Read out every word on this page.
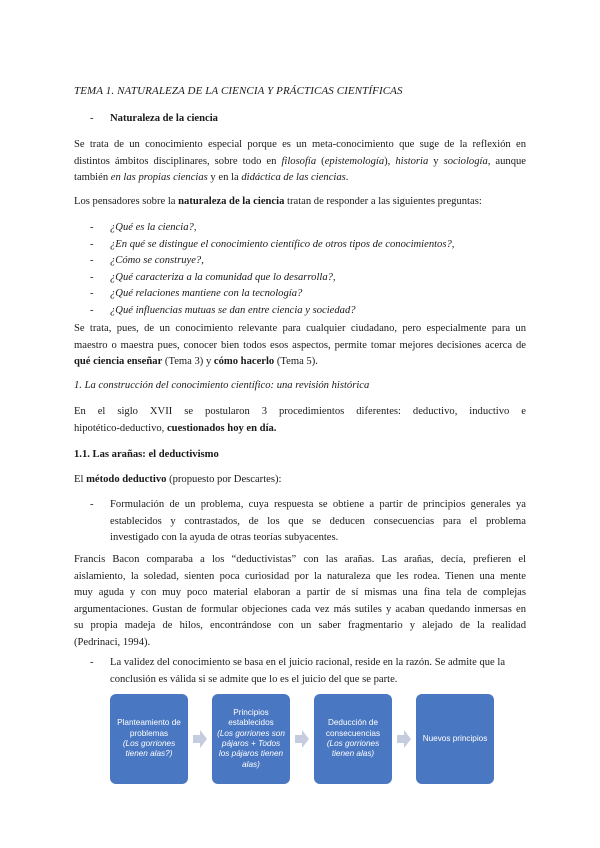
TEMA 1. NATURALEZA DE LA CIENCIA Y PRÁCTICAS CIENTÍFICAS
- Naturaleza de la ciencia
Se trata de un conocimiento especial porque es un meta-conocimiento que suge de la reflexión en
distintos ámbitos disciplinares, sobre todo en filosofía (epistemología), historia y sociología, aunque
también en las propias ciencias y en la didáctica de las ciencias.
Los pensadores sobre la naturaleza de la ciencia tratan de responder a las siguientes preguntas:
- ¿Qué es la ciencia?,
- ¿En qué se distingue el conocimiento científico de otros tipos de conocimientos?,
- ¿Cómo se construye?,
- ¿Qué caracteriza a la comunidad que lo desarrolla?,
- ¿Qué relaciones mantiene con la tecnología?
- ¿Qué influencias mutuas se dan entre ciencia y sociedad?
Se trata, pues, de un conocimiento relevante para cualquier ciudadano, pero especialmente para un
maestro o maestra pues, conocer bien todos esos aspectos, permite tomar mejores decisiones acerca de
qué ciencia enseñar (Tema 3) y cómo hacerlo (Tema 5).
1. La construcción del conocimiento científico: una revisión histórica
En el siglo XVII se postularon 3 procedimientos diferentes: deductivo, inductivo e
hipotético-deductivo, cuestionados hoy en día.
1.1. Las arañas: el deductivismo
El método deductivo (propuesto por Descartes):
- Formulación de un problema, cuya respuesta se obtiene a partir de principios generales ya
establecidos y contrastados, de los que se deducen consecuencias para el problema
investigado con la ayuda de otras teorías subyacentes.
Francis Bacon comparaba a los “deductivistas” con las arañas. Las arañas, decía, prefieren el
aislamiento, la soledad, sienten poca curiosidad por la naturaleza que les rodea. Tienen una mente
muy aguda y con muy poco material elaboran a partir de sí mismas una fina tela de complejas
argumentaciones. Gustan de formular objeciones cada vez más sutiles y acaban quedando inmersas en
su propia madeja de hilos, encontrándose con un saber fragmentario y alejado de la realidad
(Pedrinaci, 1994).
- La validez del conocimiento se basa en el juicio racional, reside en la razón. Se admite que la
conclusión es válida si se admite que lo es el juicio del que se parte.
Planteamiento de problemas
(Los gorriones tienen alas?)
Principios establecidos
(Los gorriones son pájaros + Todos los pájaros tienen alas)
Deducción de consecuencias
(Los gorriones tienen alas)
Nuevos principios
